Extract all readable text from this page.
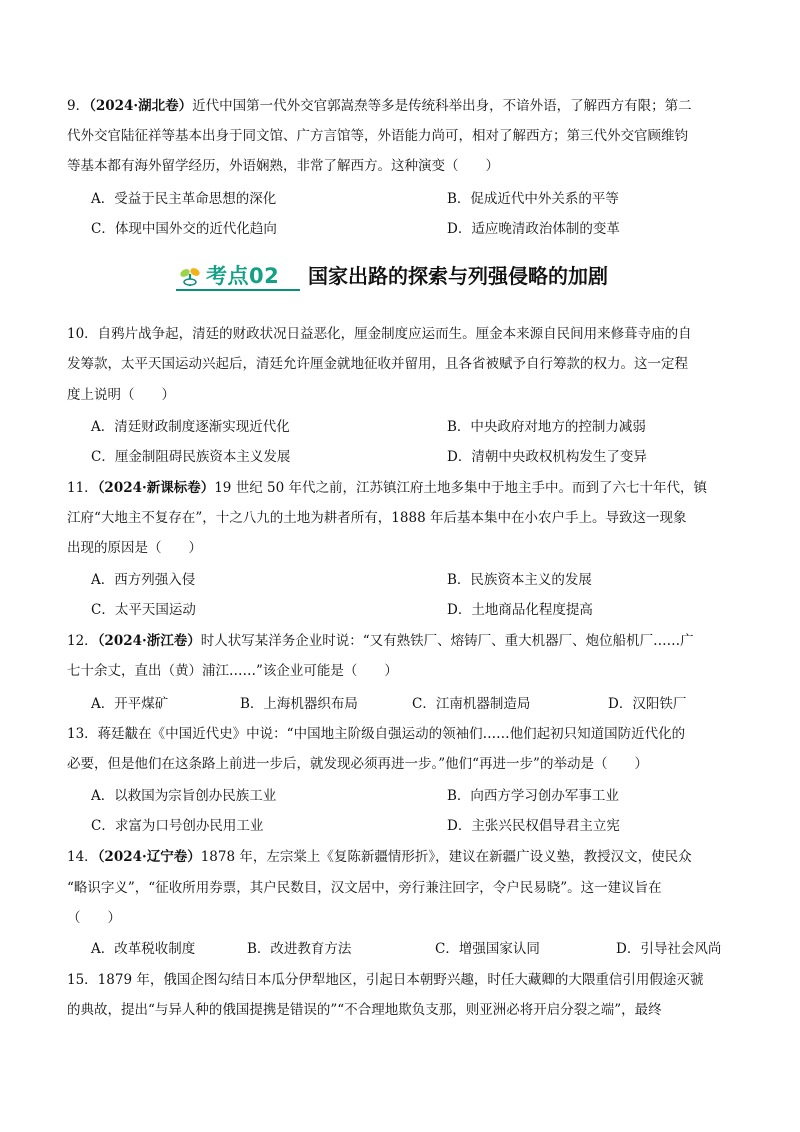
9．（2024·湖北卷）近代中国第一代外交官郭嵩焘等多是传统科举出身，不谙外语，了解西方有限；第二
代外交官陆征祥等基本出身于同文馆、广方言馆等，外语能力尚可，相对了解西方；第三代外交官顾维钧
等基本都有海外留学经历，外语娴熟，非常了解西方。这种演变（　　）
A．受益于民主革命思想的深化	B．促成近代中外关系的平等
C．体现中国外交的近代化趋向	D．适应晚清政治体制的变革
考点02 国家出路的探索与列强侵略的加剧
10．自鸦片战争起，清廷的财政状况日益恶化，厘金制度应运而生。厘金本来源自民间用来修葺寺庙的自
发筹款，太平天国运动兴起后，清廷允许厘金就地征收并留用，且各省被赋予自行筹款的权力。这一定程
度上说明（　　）
A．清廷财政制度逐渐实现近代化	B．中央政府对地方的控制力减弱
C．厘金制阻碍民族资本主义发展	D．清朝中央政权机构发生了变异
11．（2024·新课标卷）19 世纪 50 年代之前，江苏镇江府土地多集中于地主手中。而到了六七十年代，镇
江府“大地主不复存在”，十之八九的土地为耕者所有，1888 年后基本集中在小农户手上。导致这一现象
出现的原因是（　　）
A．西方列强入侵	B．民族资本主义的发展
C．太平天国运动	D．土地商品化程度提高
12．（2024·浙江卷）时人状写某洋务企业时说：“又有熟铁厂、熔铸厂、重大机器厂、炮位船机厂……广
七十余丈，直出（黄）浦江……”该企业可能是（　　）
A．开平煤矿	B．上海机器织布局	C．江南机器制造局	D．汉阳铁厂
13．蒋廷黻在《中国近代史》中说：“中国地主阶级自强运动的领袖们……他们起初只知道国防近代化的
必要，但是他们在这条路上前进一步后，就发现必须再进一步。”他们“再进一步”的举动是（　　）
A．以救国为宗旨创办民族工业	B．向西方学习创办军事工业
C．求富为口号创办民用工业	D．主张兴民权倡导君主立宪
14．（2024·辽宁卷）1878 年，左宗棠上《复陈新疆情形折》，建议在新疆广设义塾，教授汉文，使民众
“略识字义”，“征收所用券票，其户民数目，汉文居中，旁行兼注回字，令户民易晓”。这一建议旨在
（　　）
A．改革税收制度	B．改进教育方法	C．增强国家认同	D．引导社会风尚
15．1879 年，俄国企图勾结日本瓜分伊犁地区，引起日本朝野兴趣，时任大藏卿的大隈重信引用假途灭虢
的典故，提出“与异人种的俄国提携是错误的”“不合理地欺负支那，则亚洲必将开启分裂之端”，最终
